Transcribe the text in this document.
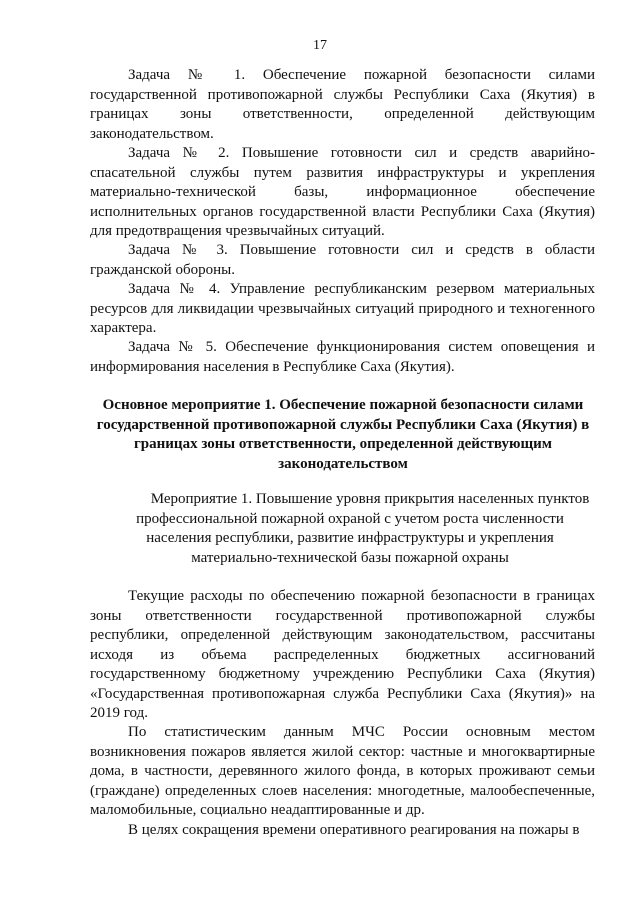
17

Задача № 1. Обеспечение пожарной безопасности силами государственной противопожарной службы Республики Саха (Якутия) в границах зоны ответственности, определенной действующим законодательством.

Задача № 2. Повышение готовности сил и средств аварийно-спасательной службы путем развития инфраструктуры и укрепления материально-технической базы, информационное обеспечение исполнительных органов государственной власти Республики Саха (Якутия) для предотвращения чрезвычайных ситуаций.

Задача № 3. Повышение готовности сил и средств в области гражданской обороны.

Задача № 4. Управление республиканским резервом материальных ресурсов для ликвидации чрезвычайных ситуаций природного и техногенного характера.

Задача № 5. Обеспечение функционирования систем оповещения и информирования населения в Республике Саха (Якутия).

Основное мероприятие 1. Обеспечение пожарной безопасности силами государственной противопожарной службы Республики Саха (Якутия) в границах зоны ответственности, определенной действующим законодательством

Мероприятие 1. Повышение уровня прикрытия населенных пунктов профессиональной пожарной охраной с учетом роста численности населения республики, развитие инфраструктуры и укрепления материально-технической базы пожарной охраны

Текущие расходы по обеспечению пожарной безопасности в границах зоны ответственности государственной противопожарной службы республики, определенной действующим законодательством, рассчитаны исходя из объема распределенных бюджетных ассигнований государственному бюджетному учреждению Республики Саха (Якутия) «Государственная противопожарная служба Республики Саха (Якутия)» на 2019 год.

По статистическим данным МЧС России основным местом возникновения пожаров является жилой сектор: частные и многоквартирные дома, в частности, деревянного жилого фонда, в которых проживают семьи (граждане) определенных слоев населения: многодетные, малообеспеченные, маломобильные, социально неадаптированные и др.

В целях сокращения времени оперативного реагирования на пожары в
